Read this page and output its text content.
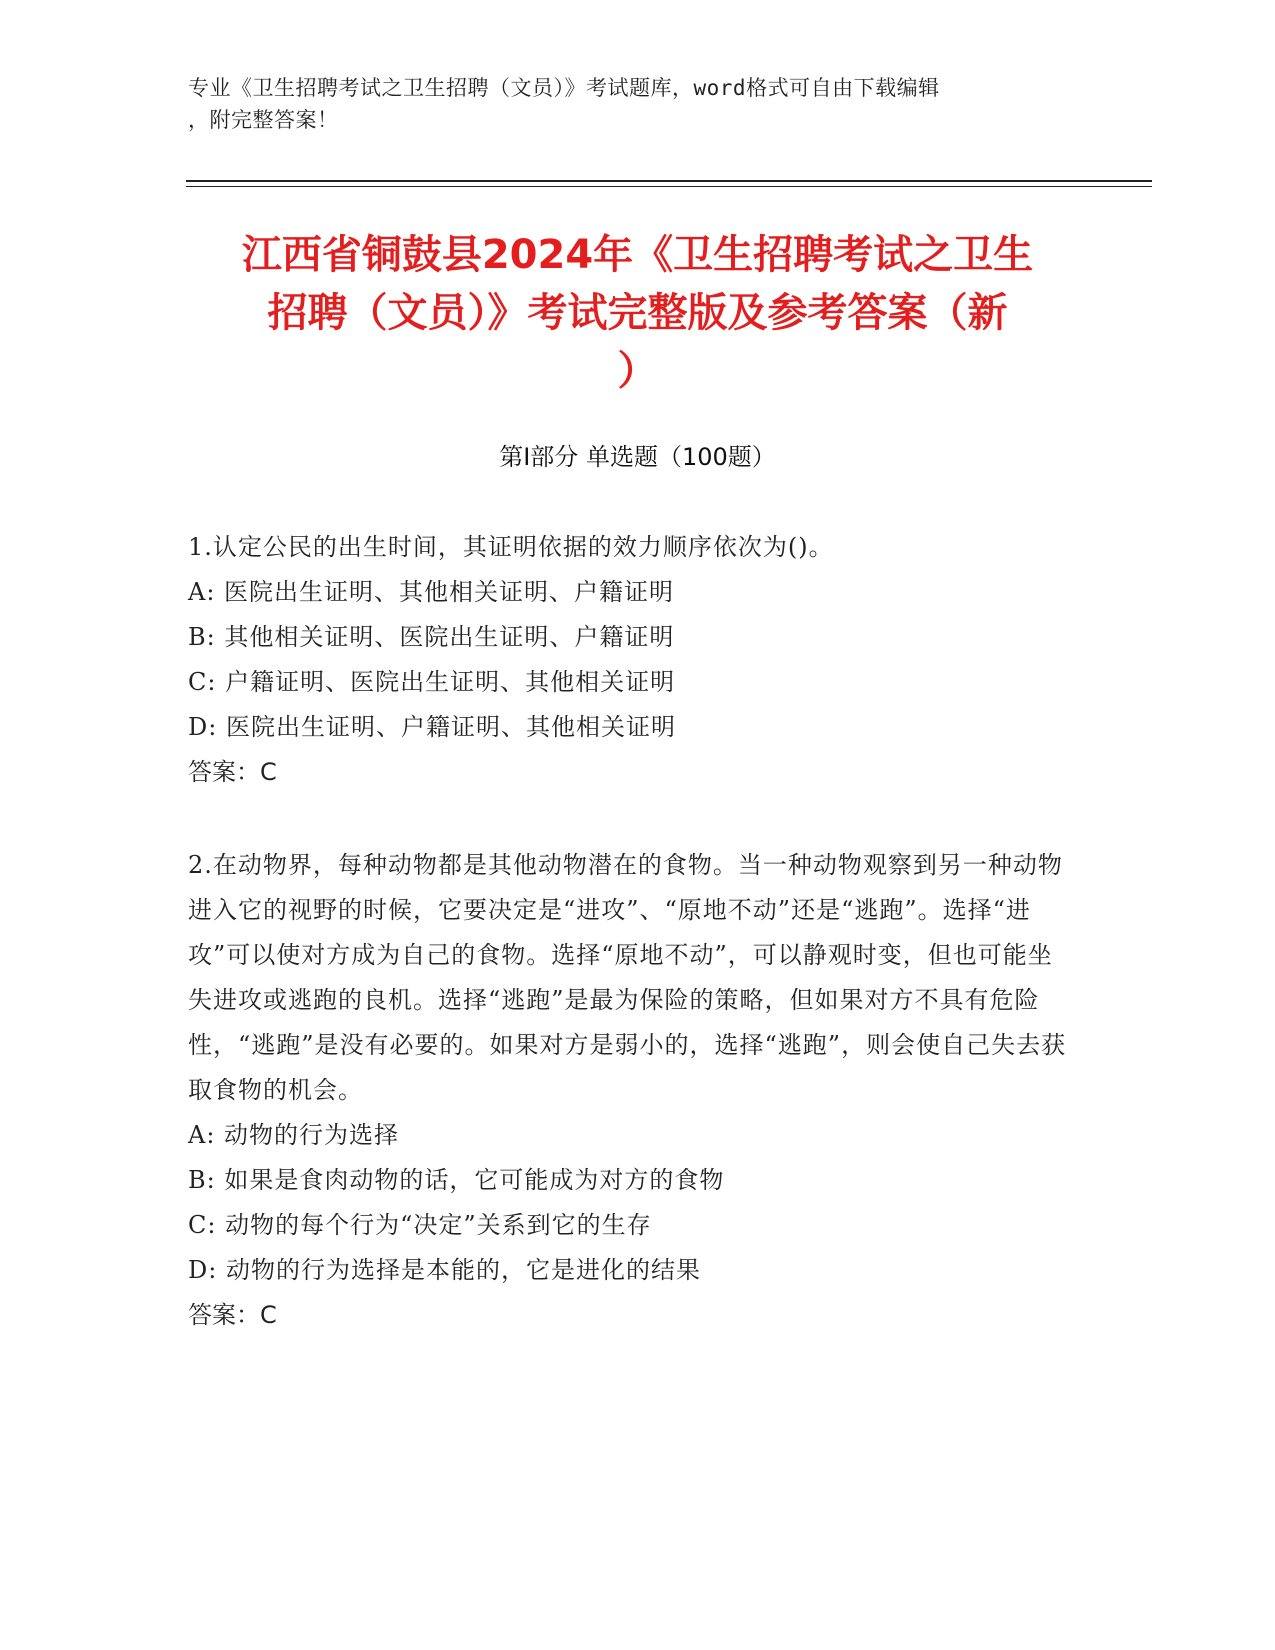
专业《卫生招聘考试之卫生招聘（文员）》考试题库，word格式可自由下载编辑
，附完整答案！
江西省铜鼓县2024年《卫生招聘考试之卫生
招聘（文员）》考试完整版及参考答案（新
）
第Ⅰ部分 单选题（100题）

1.认定公民的出生时间，其证明依据的效力顺序依次为()。

A: 医院出生证明、其他相关证明、户籍证明

B: 其他相关证明、医院出生证明、户籍证明

C: 户籍证明、医院出生证明、其他相关证明

D: 医院出生证明、户籍证明、其他相关证明

答案：C

2.在动物界，每种动物都是其他动物潜在的食物。当一种动物观察到另一种动物进入它的视野的时候，它要决定是“进攻”、“原地不动”还是“逃跑”。选择“进攻”可以使对方成为自己的食物。选择“原地不动”，可以静观时变，但也可能坐失进攻或逃跑的良机。选择“逃跑”是最为保险的策略，但如果对方不具有危险性，“逃跑”是没有必要的。如果对方是弱小的，选择“逃跑”，则会使自己失去获取食物的机会。

A: 动物的行为选择

B: 如果是食肉动物的话，它可能成为对方的食物

C: 动物的每个行为“决定”关系到它的生存

D: 动物的行为选择是本能的，它是进化的结果

答案：C
